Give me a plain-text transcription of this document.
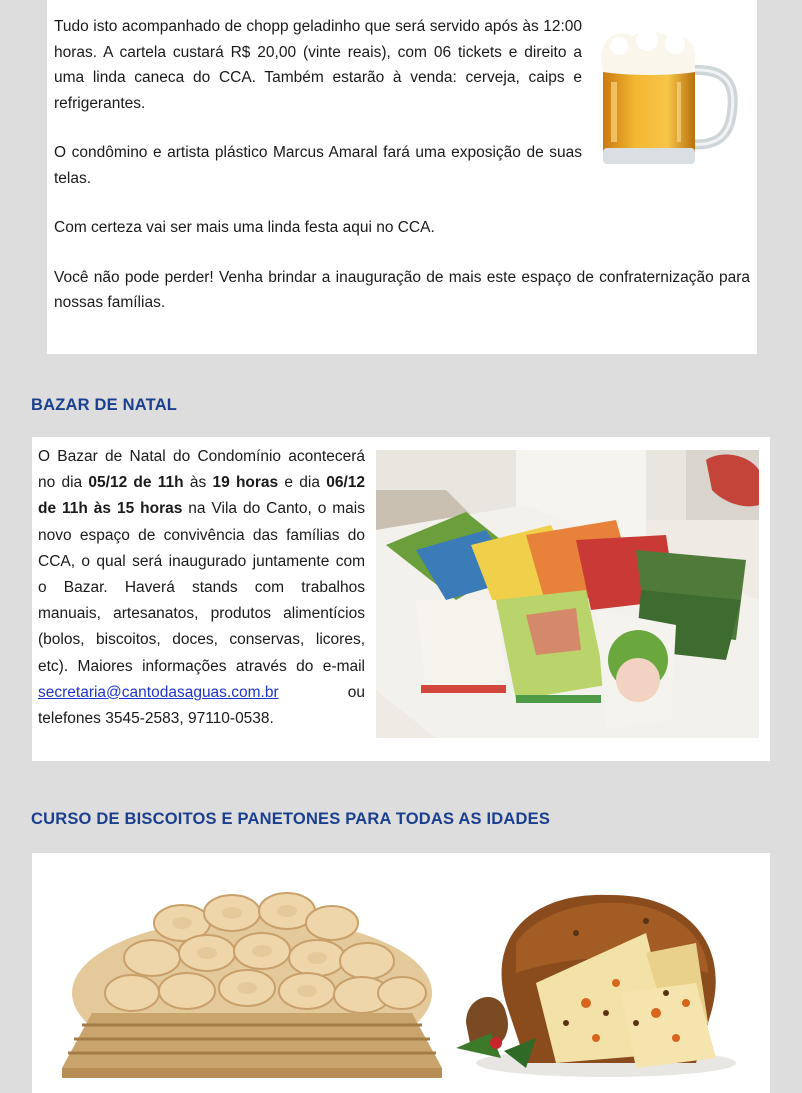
Tudo isto acompanhado de chopp geladinho que será servido após às 12:00 horas. A cartela custará R$ 20,00 (vinte reais), com 06 tickets e direito a uma linda caneca do CCA. Também estarão à venda: cerveja, caips e refrigerantes.

O condômino e artista plástico Marcus Amaral fará uma exposição de suas telas.

Com certeza vai ser mais uma linda festa aqui no CCA.

Você não pode perder! Venha brindar a inauguração de mais este espaço de confraternização para nossas famílias.

BAZAR DE NATAL
O Bazar de Natal do Condomínio acontecerá no dia 05/12 de 11h às 19 horas e dia 06/12 de 11h às 15 horas na Vila do Canto, o mais novo espaço de convivência das famílias do CCA, o qual será inaugurado juntamente com o Bazar. Haverá stands com trabalhos manuais, artesanatos, produtos alimentícios (bolos, biscoitos, doces, conservas, licores, etc). Maiores informações através do e-mail secretaria@cantodasaguas.com.br ou telefones 3545-2583, 97110-0538.
CURSO DE BISCOITOS E PANETONES PARA TODAS AS IDADES
